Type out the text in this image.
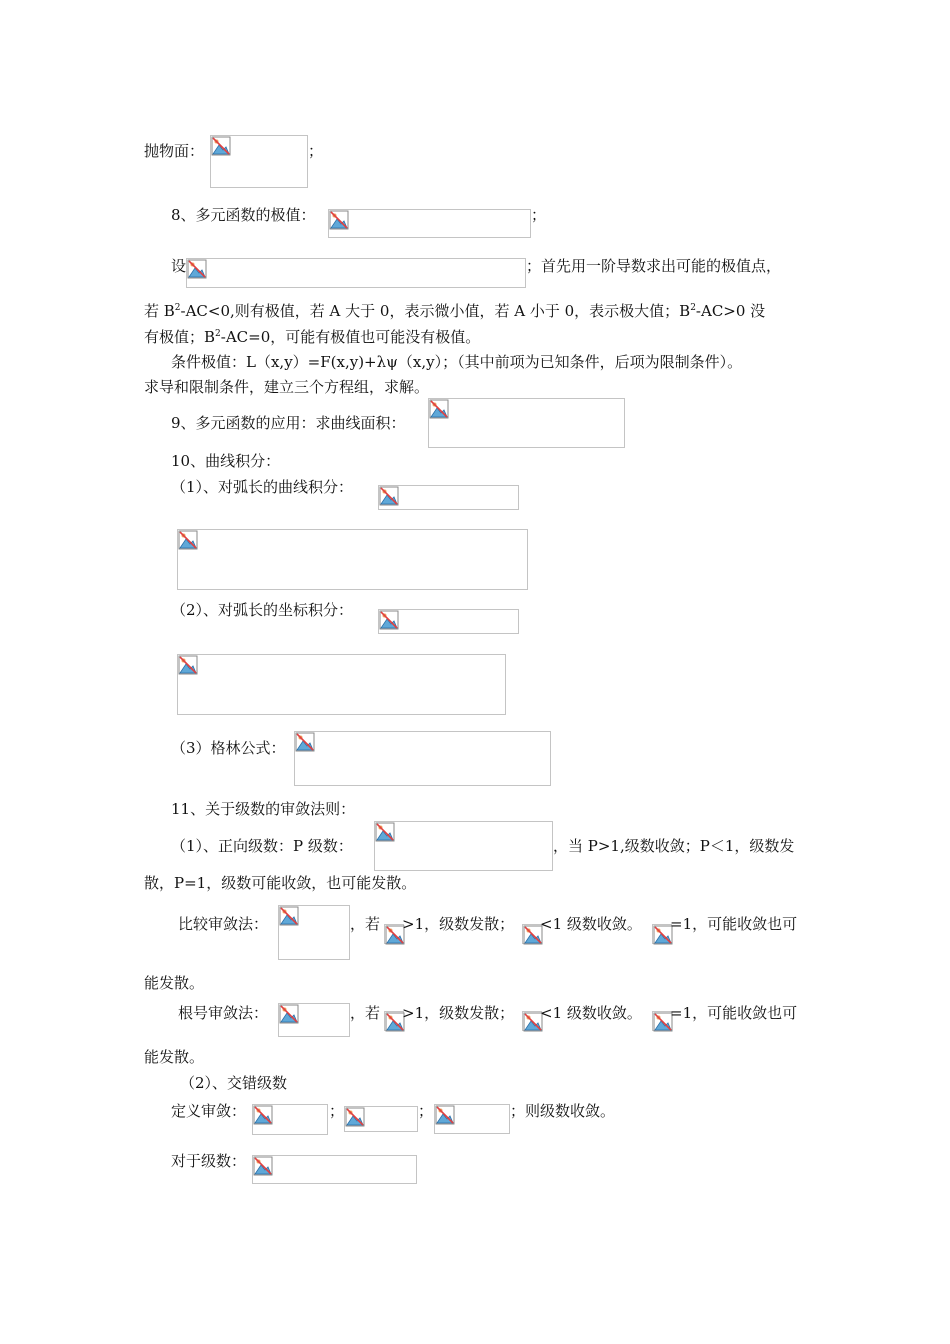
抛物面：	；
8、多元函数的极值：	；
设	；首先用一阶导数求出可能的极值点，
若 $B^2-AC<0$,则有极值，若 A 大于 0，表示微小值，若 A 小于 0，表示极大值；$B^2-AC>0$ 没
有极值；$B^2-AC=0$，可能有极值也可能没有极值。
条件极值：L（x,y）=F(x,y)+λψ（x,y）；（其中前项为已知条件，后项为限制条件）。
求导和限制条件，建立三个方程组，求解。
9、多元函数的应用：求曲线面积：
10、曲线积分：
（1）、对弧长的曲线积分：
（2）、对弧长的坐标积分：
（3）格林公式：
11、关于级数的审敛法则：
（1）、正向级数：P 级数：	，当 P>1,级数收敛；P＜1，级数发
散，P=1，级数可能收敛，也可能发散。
比较审敛法：	，若 >1，级数发散； <1 级数收敛。 =1，可能收敛也可
能发散。
根号审敛法：	，若 >1，级数发散； <1 级数收敛。 =1，可能收敛也可
能发散。
（2）、交错级数
定义审敛：	；	；	；则级数收敛。
对于级数：
